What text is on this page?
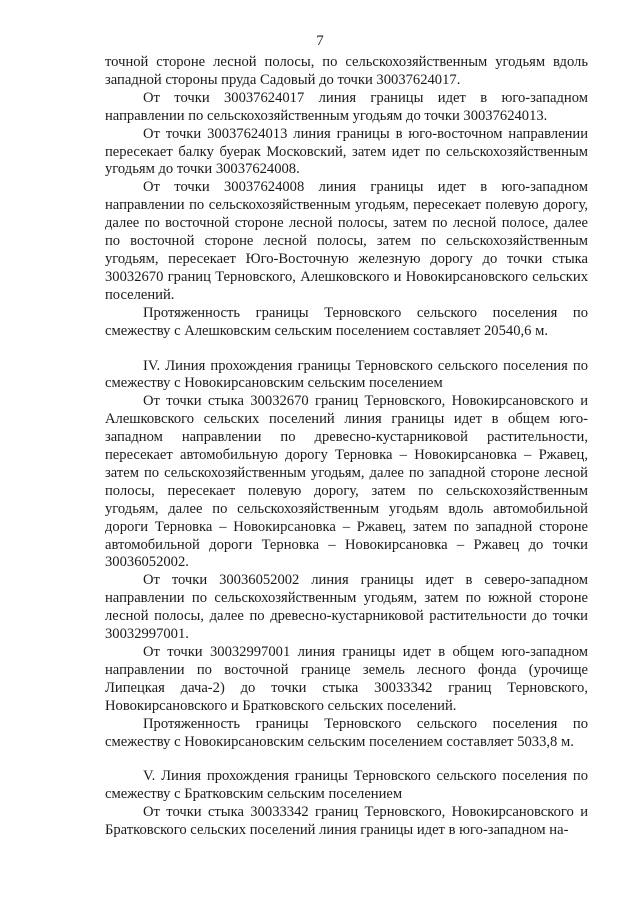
7

точной стороне лесной полосы, по сельскохозяйственным угодьям вдоль западной стороны пруда Садовый до точки 30037624017.

От точки 30037624017 линия границы идет в юго-западном направлении по сельскохозяйственным угодьям до точки 30037624013.

От точки 30037624013 линия границы в юго-восточном направлении пересекает балку буерак Московский, затем идет по сельскохозяйственным угодьям до точки 30037624008.

От точки 30037624008 линия границы идет в юго-западном направлении по сельскохозяйственным угодьям, пересекает полевую дорогу, далее по восточной стороне лесной полосы, затем по лесной полосе, далее по восточной стороне лесной полосы, затем по сельскохозяйственным угодьям, пересекает Юго-Восточную железную дорогу до точки стыка 30032670 границ Терновского, Алешковского и Новокирсановского сельских поселений.

Протяженность границы Терновского сельского поселения по смежеству с Алешковским сельским поселением составляет 20540,6 м.

IV. Линия прохождения границы Терновского сельского поселения по смежеству с Новокирсановским сельским поселением

От точки стыка 30032670 границ Терновского, Новокирсановского и Алешковского сельских поселений линия границы идет в общем юго-западном направлении по древесно-кустарниковой растительности, пересекает автомобильную дорогу Терновка – Новокирсановка – Ржавец, затем по сельскохозяйственным угодьям, далее по западной стороне лесной полосы, пересекает полевую дорогу, затем по сельскохозяйственным угодьям, далее по сельскохозяйственным угодьям вдоль автомобильной дороги Терновка – Новокирсановка – Ржавец, затем по западной стороне автомобильной дороги Терновка – Новокирсановка – Ржавец до точки 30036052002.

От точки 30036052002 линия границы идет в северо-западном направлении по сельскохозяйственным угодьям, затем по южной стороне лесной полосы, далее по древесно-кустарниковой растительности до точки 30032997001.

От точки 30032997001 линия границы идет в общем юго-западном направлении по восточной границе земель лесного фонда (урочище Липецкая дача-2) до точки стыка 30033342 границ Терновского, Новокирсановского и Братковского сельских поселений.

Протяженность границы Терновского сельского поселения по смежеству с Новокирсановским сельским поселением составляет 5033,8 м.

V. Линия прохождения границы Терновского сельского поселения по смежеству с Братковским сельским поселением

От точки стыка 30033342 границ Терновского, Новокирсановского и Братковского сельских поселений линия границы идет в юго-западном на-
